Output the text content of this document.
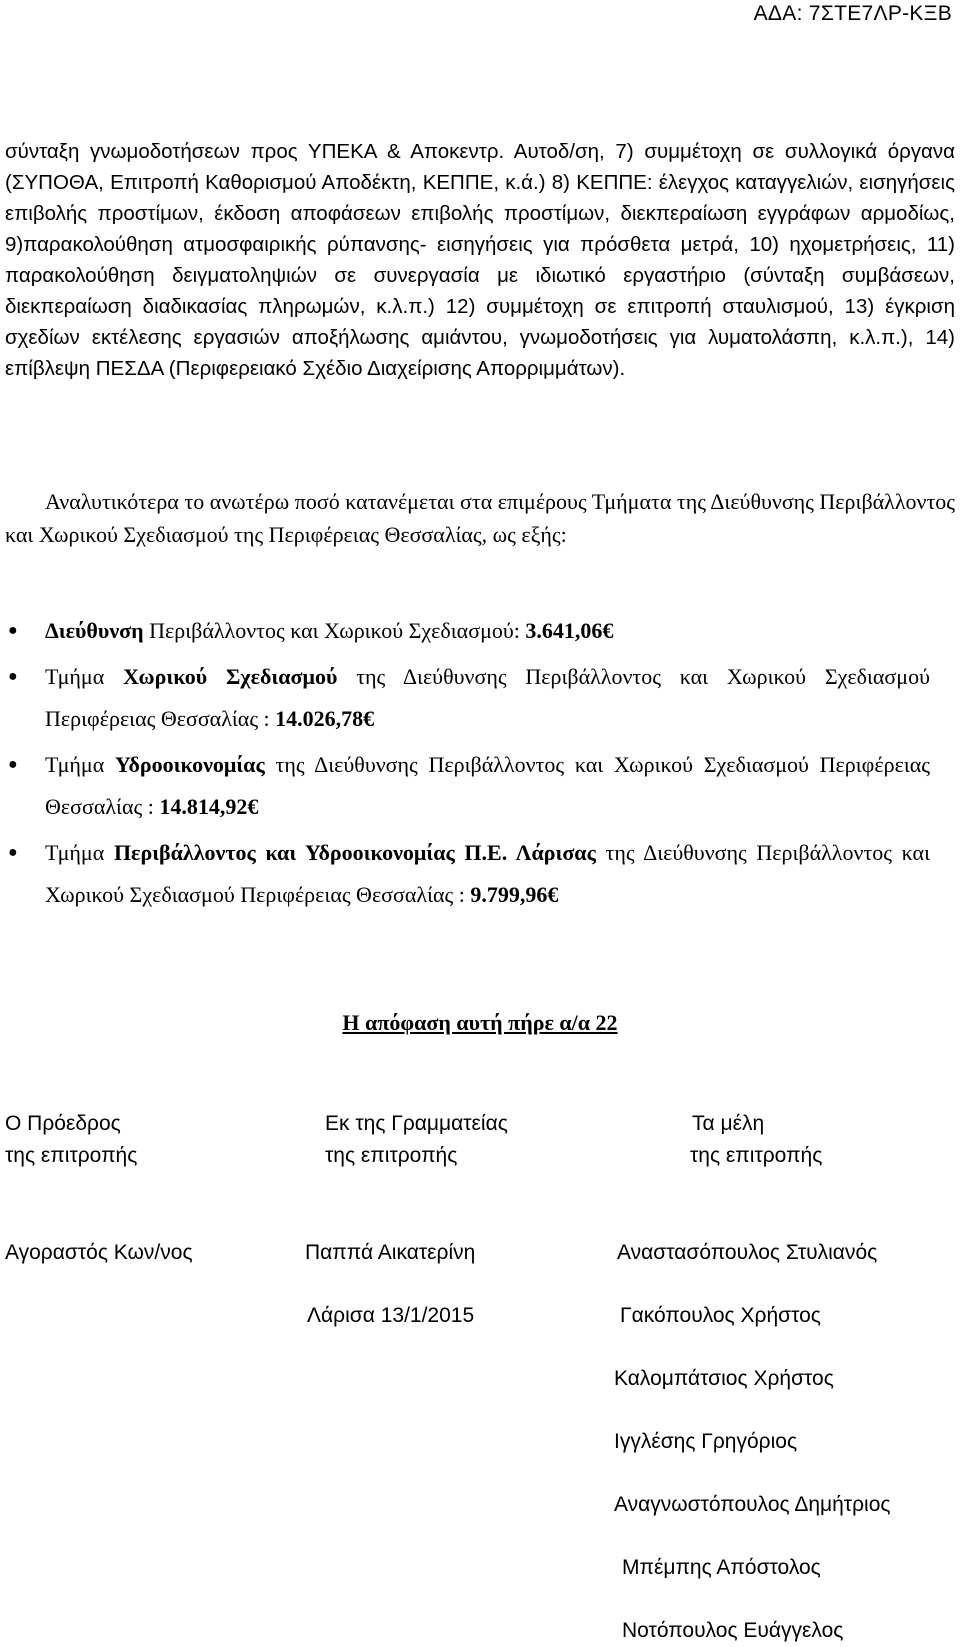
ΑΔΑ: 7ΣΤΕ7ΛΡ-ΚΞΒ
σύνταξη γνωμοδοτήσεων προς ΥΠΕΚΑ & Αποκεντρ. Αυτοδ/ση, 7) συμμέτοχη σε συλλογικά όργανα (ΣΥΠΟΘΑ, Επιτροπή Καθορισμού Αποδέκτη, ΚΕΠΠΕ, κ.ά.) 8) ΚΕΠΠΕ: έλεγχος καταγγελιών, εισηγήσεις επιβολής προστίμων, έκδοση αποφάσεων επιβολής προστίμων, διεκπεραίωση εγγράφων αρμοδίως, 9)παρακολούθηση ατμοσφαιρικής ρύπανσης- εισηγήσεις για πρόσθετα μετρά, 10) ηχομετρήσεις, 11) παρακολούθηση δειγματοληψιών σε συνεργασία με ιδιωτικό εργαστήριο (σύνταξη συμβάσεων, διεκπεραίωση διαδικασίας πληρωμών, κ.λ.π.) 12) συμμέτοχη σε επιτροπή σταυλισμού, 13) έγκριση σχεδίων εκτέλεσης εργασιών αποξήλωσης αμιάντου, γνωμοδοτήσεις για λυματολάσπη, κ.λ.π.), 14) επίβλεψη ΠΕΣΔΑ (Περιφερειακό Σχέδιο Διαχείρισης Απορριμμάτων).
Αναλυτικότερα το ανωτέρω ποσό κατανέμεται στα επιμέρους Τμήματα της Διεύθυνσης Περιβάλλοντος και Χωρικού Σχεδιασμού της Περιφέρειας Θεσσαλίας, ως εξής:
● Διεύθυνση Περιβάλλοντος και Χωρικού Σχεδιασμού: 3.641,06€
● Τμήμα Χωρικού Σχεδιασμού της Διεύθυνσης Περιβάλλοντος και Χωρικού Σχεδιασμού Περιφέρειας Θεσσαλίας : 14.026,78€
● Τμήμα Υδροοικονομίας της Διεύθυνσης Περιβάλλοντος και Χωρικού Σχεδιασμού Περιφέρειας Θεσσαλίας : 14.814,92€
● Τμήμα Περιβάλλοντος και Υδροοικονομίας Π.Ε. Λάρισας της Διεύθυνσης Περιβάλλοντος και Χωρικού Σχεδιασμού Περιφέρειας Θεσσαλίας : 9.799,96€
Η απόφαση αυτή πήρε α/α 22
Ο Πρόεδρος
της επιτροπής
Εκ της Γραμματείας
της επιτροπής
Τα μέλη
της επιτροπής
Αγοραστός Κων/νος	Παππά Αικατερίνη
Λάρισα 13/1/2015
Αναστασόπουλος Στυλιανός
Γακόπουλος Χρήστος
Καλομπάτσιος Χρήστος
Ιγγλέσης Γρηγόριος
Αναγνωστόπουλος Δημήτριος
Μπέμπης Απόστολος
Νοτόπουλος Ευάγγελος
